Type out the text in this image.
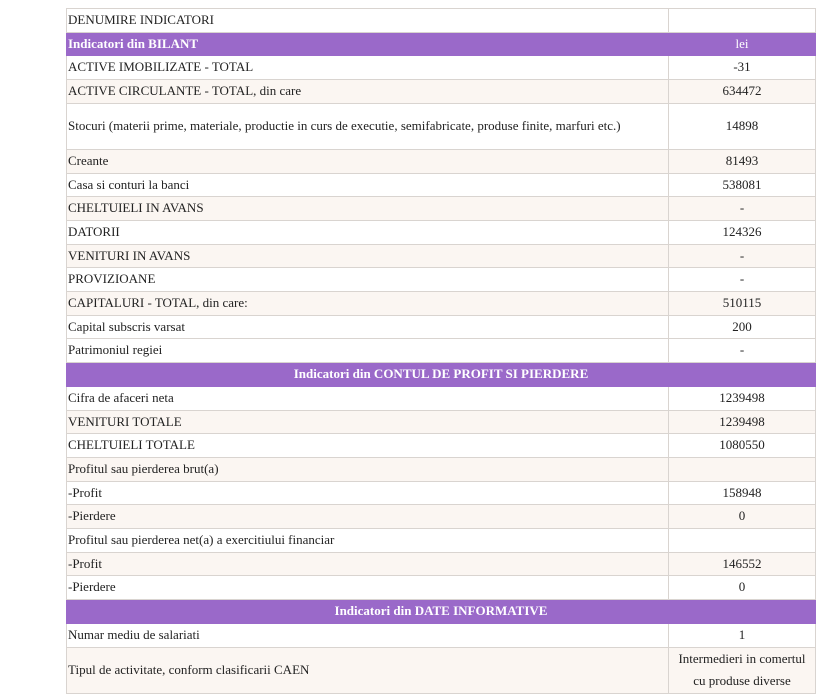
DENUMIRE INDICATORI	
Indicatori din BILANT	lei
ACTIVE IMOBILIZATE - TOTAL	-31
ACTIVE CIRCULANTE - TOTAL, din care	634472
Stocuri (materii prime, materiale, productie in curs de executie, semifabricate, produse finite, marfuri etc.)	14898
Creante	81493
Casa si conturi la banci	538081
CHELTUIELI IN AVANS	-
DATORII	124326
VENITURI IN AVANS	-
PROVIZIOANE	-
CAPITALURI - TOTAL, din care:	510115
Capital subscris varsat	200
Patrimoniul regiei	-
Indicatori din CONTUL DE PROFIT SI PIERDERE	
Cifra de afaceri neta	1239498
VENITURI TOTALE	1239498
CHELTUIELI TOTALE	1080550
Profitul sau pierderea brut(a)	
-Profit	158948
-Pierdere	0
Profitul sau pierderea net(a) a exercitiului financiar	
-Profit	146552
-Pierdere	0
Indicatori din DATE INFORMATIVE	
Numar mediu de salariati	1
Tipul de activitate, conform clasificarii CAEN	Intermedieri in comertul cu produse diverse
